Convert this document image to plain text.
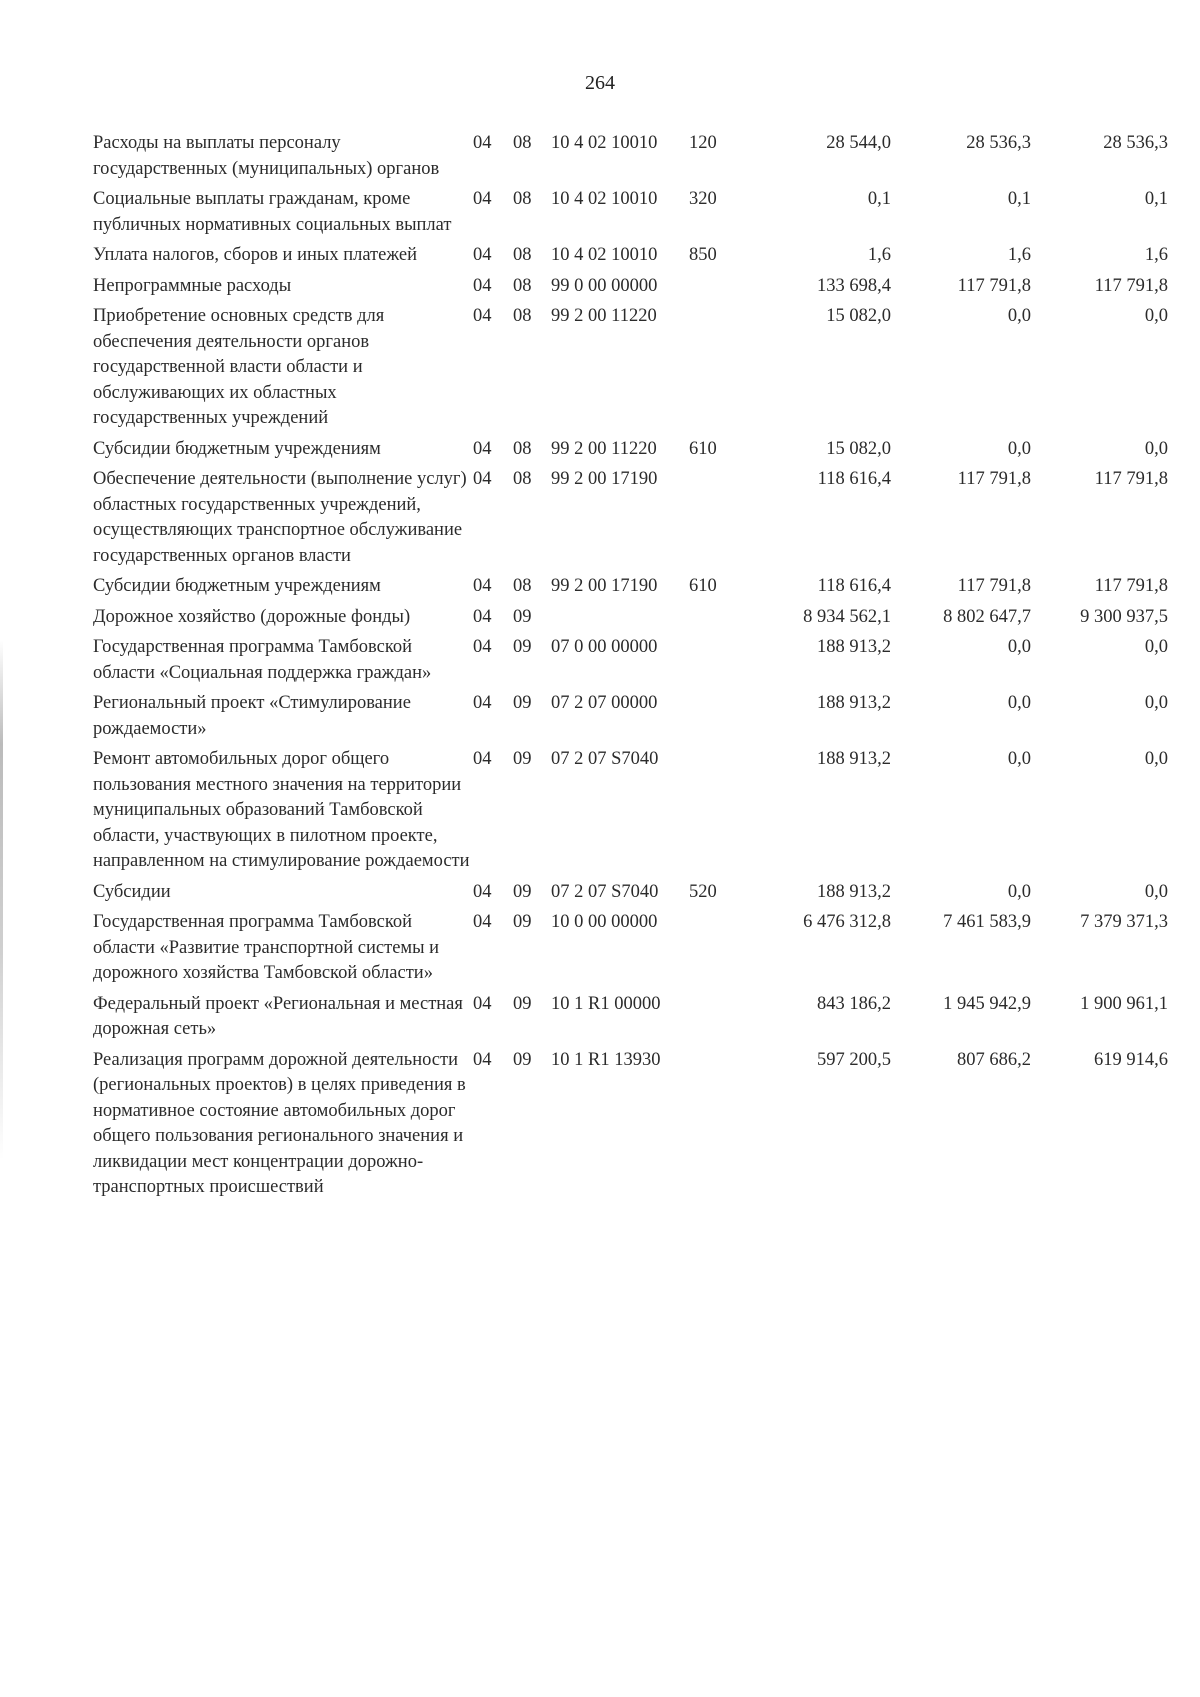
264
Расходы на выплаты персоналу государственных (муниципальных) органов	04	08	10 4 02 10010	120	28 544,0	28 536,3	28 536,3
Социальные выплаты гражданам, кроме публичных нормативных социальных выплат	04	08	10 4 02 10010	320	0,1	0,1	0,1
Уплата налогов, сборов и иных платежей	04	08	10 4 02 10010	850	1,6	1,6	1,6
Непрограммные расходы	04	08	99 0 00 00000		133 698,4	117 791,8	117 791,8
Приобретение основных средств для обеспечения деятельности органов государственной власти области и обслуживающих их областных государственных учреждений	04	08	99 2 00 11220		15 082,0	0,0	0,0
Субсидии бюджетным учреждениям	04	08	99 2 00 11220	610	15 082,0	0,0	0,0
Обеспечение деятельности (выполнение услуг) областных государственных учреждений, осуществляющих транспортное обслуживание государственных органов власти	04	08	99 2 00 17190		118 616,4	117 791,8	117 791,8
Субсидии бюджетным учреждениям	04	08	99 2 00 17190	610	118 616,4	117 791,8	117 791,8
Дорожное хозяйство (дорожные фонды)	04	09			8 934 562,1	8 802 647,7	9 300 937,5
Государственная программа Тамбовской области «Социальная поддержка граждан»	04	09	07 0 00 00000		188 913,2	0,0	0,0
Региональный проект «Стимулирование рождаемости»	04	09	07 2 07 00000		188 913,2	0,0	0,0
Ремонт автомобильных дорог общего пользования местного значения на территории муниципальных образований Тамбовской области, участвующих в пилотном проекте, направленном на стимулирование рождаемости	04	09	07 2 07 S7040		188 913,2	0,0	0,0
Субсидии	04	09	07 2 07 S7040	520	188 913,2	0,0	0,0
Государственная программа Тамбовской области «Развитие транспортной системы и дорожного хозяйства Тамбовской области»	04	09	10 0 00 00000		6 476 312,8	7 461 583,9	7 379 371,3
Федеральный проект «Региональная и местная дорожная сеть»	04	09	10 1 R1 00000		843 186,2	1 945 942,9	1 900 961,1
Реализация программ дорожной деятельности (региональных проектов) в целях приведения в нормативное состояние автомобильных дорог общего пользования регионального значения и ликвидации мест концентрации дорожно-транспортных происшествий	04	09	10 1 R1 13930		597 200,5	807 686,2	619 914,6
